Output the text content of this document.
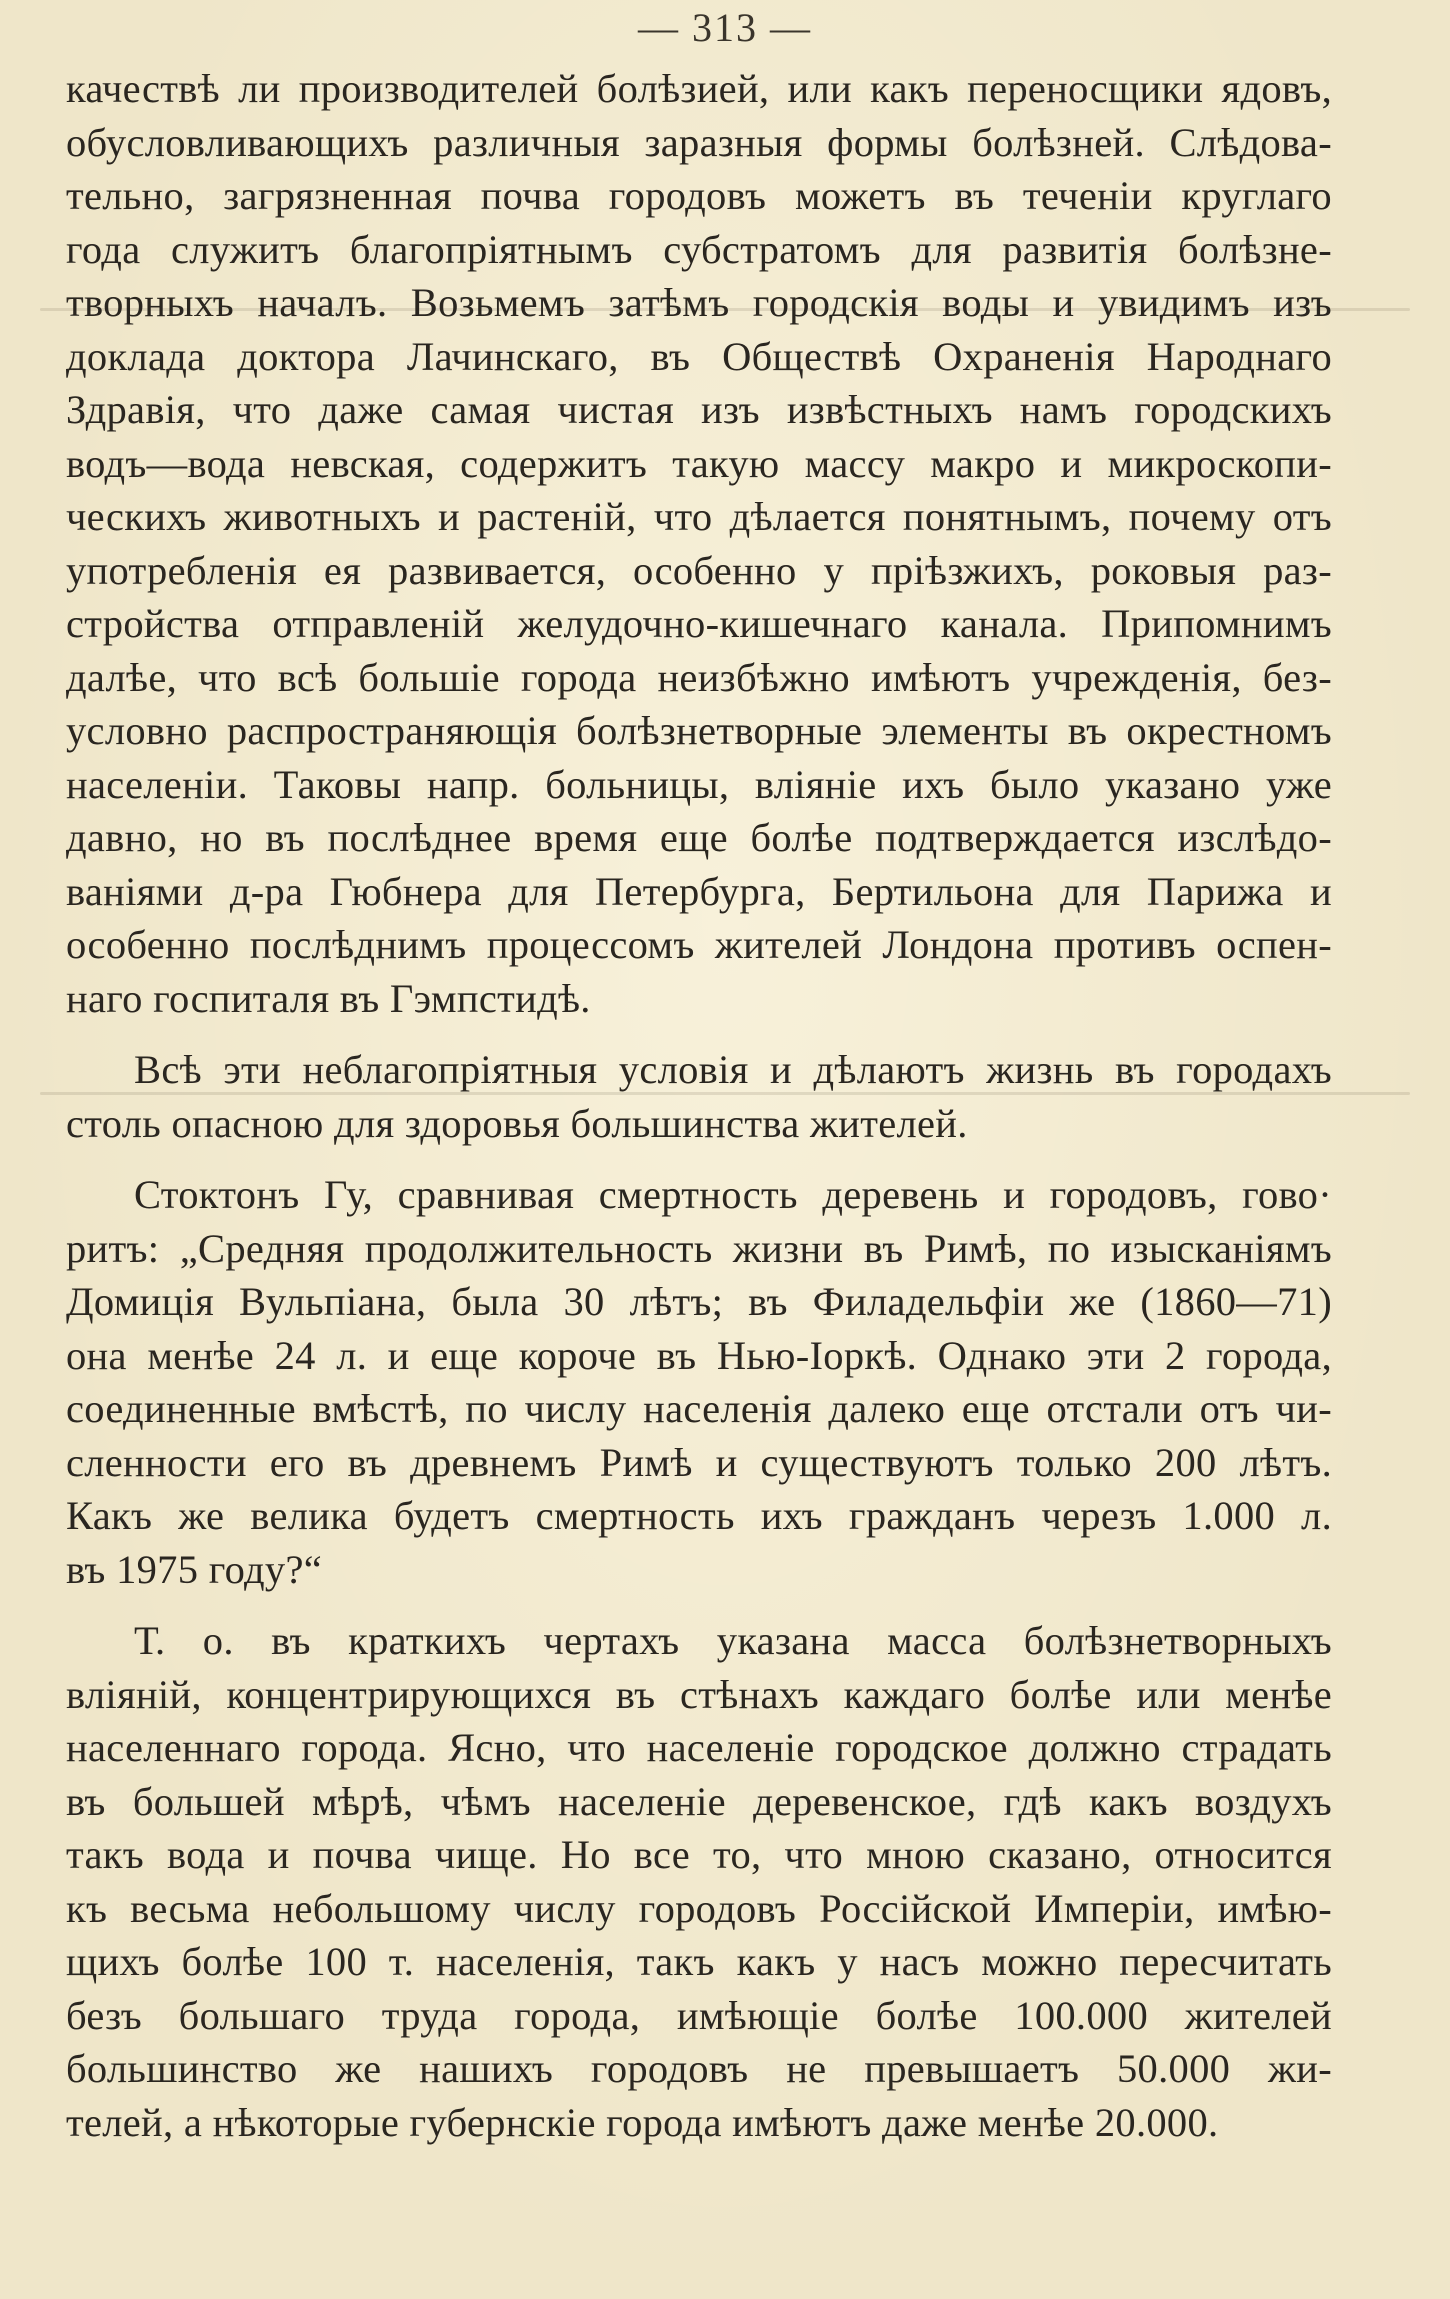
— 313 —
качествѣ ли производителей болѣзией, или какъ переносщики ядовъ,
обусловливающихъ различныя заразныя формы болѣзней. Слѣдова-
тельно, загрязненная почва городовъ можетъ въ теченіи круглаго
года служитъ благопріятнымъ субстратомъ для развитія болѣзне-
творныхъ началъ. Возьмемъ затѣмъ городскія воды и увидимъ изъ
доклада доктора Лачинскаго, въ Обществѣ Охраненія Народнаго
Здравія, что даже самая чистая изъ извѣстныхъ намъ городскихъ
водъ—вода невская, содержитъ такую массу макро и микроскопи-
ческихъ животныхъ и растеній, что дѣлается понятнымъ, почему отъ
употребленія ея развивается, особенно у пріѣзжихъ, роковыя раз-
стройства отправленій желудочно-кишечнаго канала. Припомнимъ
далѣе, что всѣ большіе города неизбѣжно имѣютъ учрежденія, без-
условно распространяющія болѣзнетворные элементы въ окрестномъ
населеніи. Таковы напр. больницы, вліяніе ихъ было указано уже
давно, но въ послѣднее время еще болѣе подтверждается изслѣдо-
ваніями д-ра Гюбнера для Петербурга, Бертильона для Парижа и
особенно послѣднимъ процессомъ жителей Лондона противъ оспен-
наго госпиталя въ Гэмпстидѣ.
Всѣ эти неблагопріятныя условія и дѣлаютъ жизнь въ городахъ
столь опасною для здоровья большинства жителей.
Стоктонъ Гу, сравнивая смертность деревень и городовъ, гово·
ритъ: „Средняя продолжительность жизни въ Римѣ, по изысканіямъ
Домиція Вульпіана, была 30 лѣтъ; въ Филадельфіи же (1860—71)
она менѣе 24 л. и еще короче въ Нью-Іоркѣ. Однако эти 2 города,
соединенные вмѣстѣ, по числу населенія далеко еще отстали отъ чи-
сленности его въ древнемъ Римѣ и существуютъ только 200 лѣтъ.
Какъ же велика будетъ смертность ихъ гражданъ черезъ 1.000 л.
въ 1975 году?“
Т. о. въ краткихъ чертахъ указана масса болѣзнетворныхъ
вліяній, концентрирующихся въ стѣнахъ каждаго болѣе или менѣе
населеннаго города. Ясно, что населеніе городское должно страдать
въ большей мѣрѣ, чѣмъ населеніе деревенское, гдѣ какъ воздухъ
такъ вода и почва чище. Но все то, что мною сказано, относится
къ весьма небольшому числу городовъ Россійской Имперіи, имѣю-
щихъ болѣе 100 т. населенія, такъ какъ у насъ можно пересчитать
безъ большаго труда города, имѣющіе болѣе 100.000 жителей
большинство же нашихъ городовъ не превышаетъ 50.000 жи-
телей, а нѣкоторые губернскіе города имѣютъ даже менѣе 20.000.
